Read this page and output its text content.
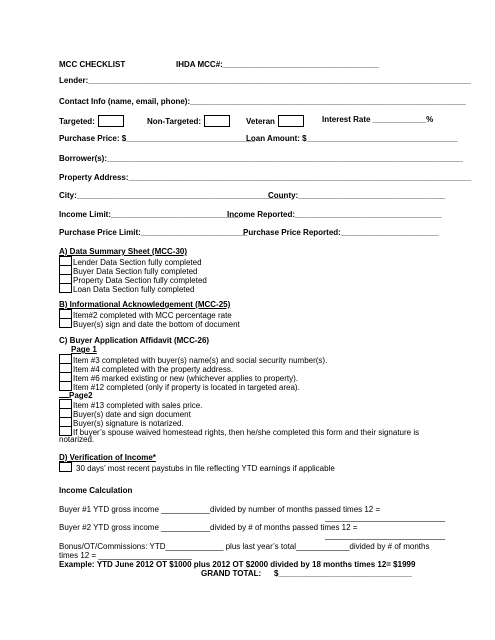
MCC CHECKLIST	IHDA MCC#:___________________________________
Lender:______________________________________________________________________________________
Contact Info (name, email, phone):______________________________________________________________
Targeted:	Non-Targeted:	Veteran	Interest Rate ____________%
Purchase Price: $_____________________________
Loan Amount: $__________________________________
Borrower(s):________________________________________________________________________________
Property Address:_____________________________________________________________________________
City:_______________________________________________
County:_________________________________
Income Limit:_____________________________
Income Reported:_________________________________
Purchase Price Limit:________________________
Purchase Price Reported:______________________
A) Data Summary Sheet (MCC-30)
Lender Data Section fully completed
Buyer Data Section fully completed
Property Data Section fully completed
Loan Data Section fully completed
B) Informational Acknowledgement (MCC-25)
Item#2 completed with MCC percentage rate
Buyer(s) sign and date the bottom of document
C) Buyer Application Affidavit (MCC-26)
Page 1
Item #3 completed with buyer(s) name(s) and social security number(s).
Item #4 completed with the property address.
Item #6 marked existing or new (whichever applies to property).
Item #12 completed (only if property is located in targeted area).
Page2
Item #13 completed with sales price.
Buyer(s) date and sign document
Buyer(s) signature is notarized.
If buyer’s spouse waived homestead rights, then he/she completed this form and their signature is
notarized.
D) Verification of Income*
30 days’ most recent paystubs in file reflecting YTD earnings if applicable
Income Calculation
Buyer #1 YTD gross income ___________divided by number of months passed times 12 =
___________________________
Buyer #2 YTD gross income ___________divided by # of months passed times 12 =
___________________________
Bonus/OT/Commissions: YTD_____________ plus last year’s total____________divided by # of months
times 12 = _____________________
Example: YTD June 2012 OT $1000 plus 2012 OT $2000 divided by 18 months times 12= $1999
GRAND TOTAL: $______________________________
